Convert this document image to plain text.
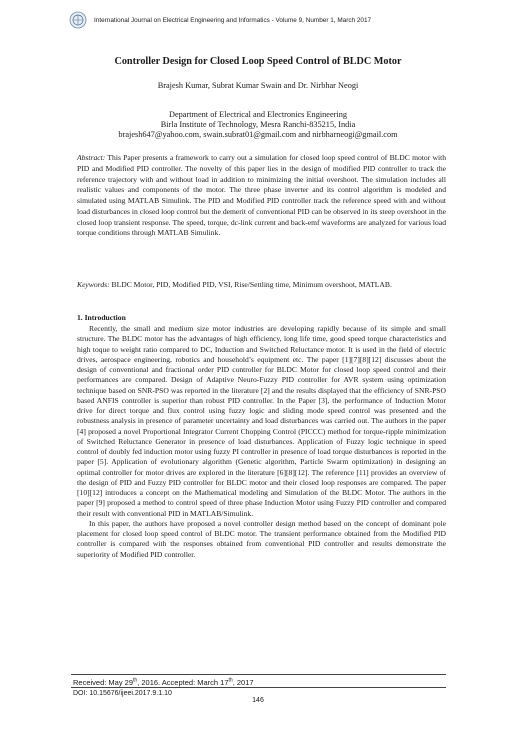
International Journal on Electrical Engineering and Informatics - Volume 9, Number 1, March 2017
Controller Design for Closed Loop Speed Control of BLDC Motor
Brajesh Kumar, Subrat Kumar Swain and Dr. Nirbhar Neogi
Department of Electrical and Electronics Engineering
Birla Institute of Technology, Mesra Ranchi-835215, India
brajesh647@yahoo.com, swain.subrat01@gmail.com and nirbharneogi@gmail.com
Abstract: This Paper presents a framework to carry out a simulation for closed loop speed control of BLDC motor with PID and Modified PID controller. The novelty of this paper lies in the design of modified PID controller to track the reference trajectory with and without load in addition to minimizing the initial overshoot. The simulation includes all realistic values and components of the motor. The three phase inverter and its control algorithm is modeled and simulated using MATLAB Simulink. The PID and Modified PID controller track the reference speed with and without load disturbances in closed loop control but the demerit of conventional PID can be observed in its steep overshoot in the closed loop transient response. The speed, torque, dc-link current and back-emf waveforms are analyzed for various load torque conditions through MATLAB Simulink.
Keywords: BLDC Motor, PID, Modified PID, VSI, Rise/Settling time, Minimum overshoot, MATLAB.
1. Introduction

Recently, the small and medium size motor industries are developing rapidly because of its simple and small structure. The BLDC motor has the advantages of high efficiency, long life time, good speed torque characteristics and high toque to weight ratio compared to DC, Induction and Switched Reluctance motor. It is used in the field of electric drives, aerospace engineering, robotics and household’s equipment etc. The paper [1][7][8][12] discusses about the design of conventional and fractional order PID controller for BLDC Motor for closed loop speed control and their performances are compared. Design of Adaptive Neuro-Fuzzy PID controller for AVR system using optimization technique based on SNR-PSO was reported in the literature [2] and the results displayed that the efficiency of SNR-PSO based ANFIS controller is superior than robust PID controller. In the Paper [3], the performance of Induction Motor drive for direct torque and flux control using fuzzy logic and sliding mode speed control was presented and the robustness analysis in presence of parameter uncertainty and load disturbances was carried out. The authors in the paper [4] proposed a novel Proportional Integrator Current Chopping Control (PICCC) method for torque-ripple minimization of Switched Reluctance Generator in presence of load disturbances. Application of Fuzzy logic technique in speed control of doubly fed induction motor using fuzzy PI controller in presence of load torque disturbances is reported in the paper [5]. Application of evolutionary algorithm (Genetic algorithm, Particle Swarm optimization) in designing an optimal controller for motor drives are explored in the literature [6][8][12]. The reference [11] provides an overview of the design of PID and Fuzzy PID controller for BLDC motor and their closed loop responses are compared. The paper [10][12] introduces a concept on the Mathematical modeling and Simulation of the BLDC Motor. The authors in the paper [9] proposed a method to control speed of three phase Induction Motor using Fuzzy PID controller and compared their result with conventional PID in MATLAB/Simulink.

In this paper, the authors have proposed a novel controller design method based on the concept of dominant pole placement for closed loop speed control of BLDC motor. The transient performance obtained from the Modified PID controller is compared with the responses obtained from conventional PID controller and results demonstrate the superiority of Modified PID controller.

Received: May 29th, 2016. Accepted: March 17th, 2017
DOI: 10.15676/ijeei.2017.9.1.10
146
